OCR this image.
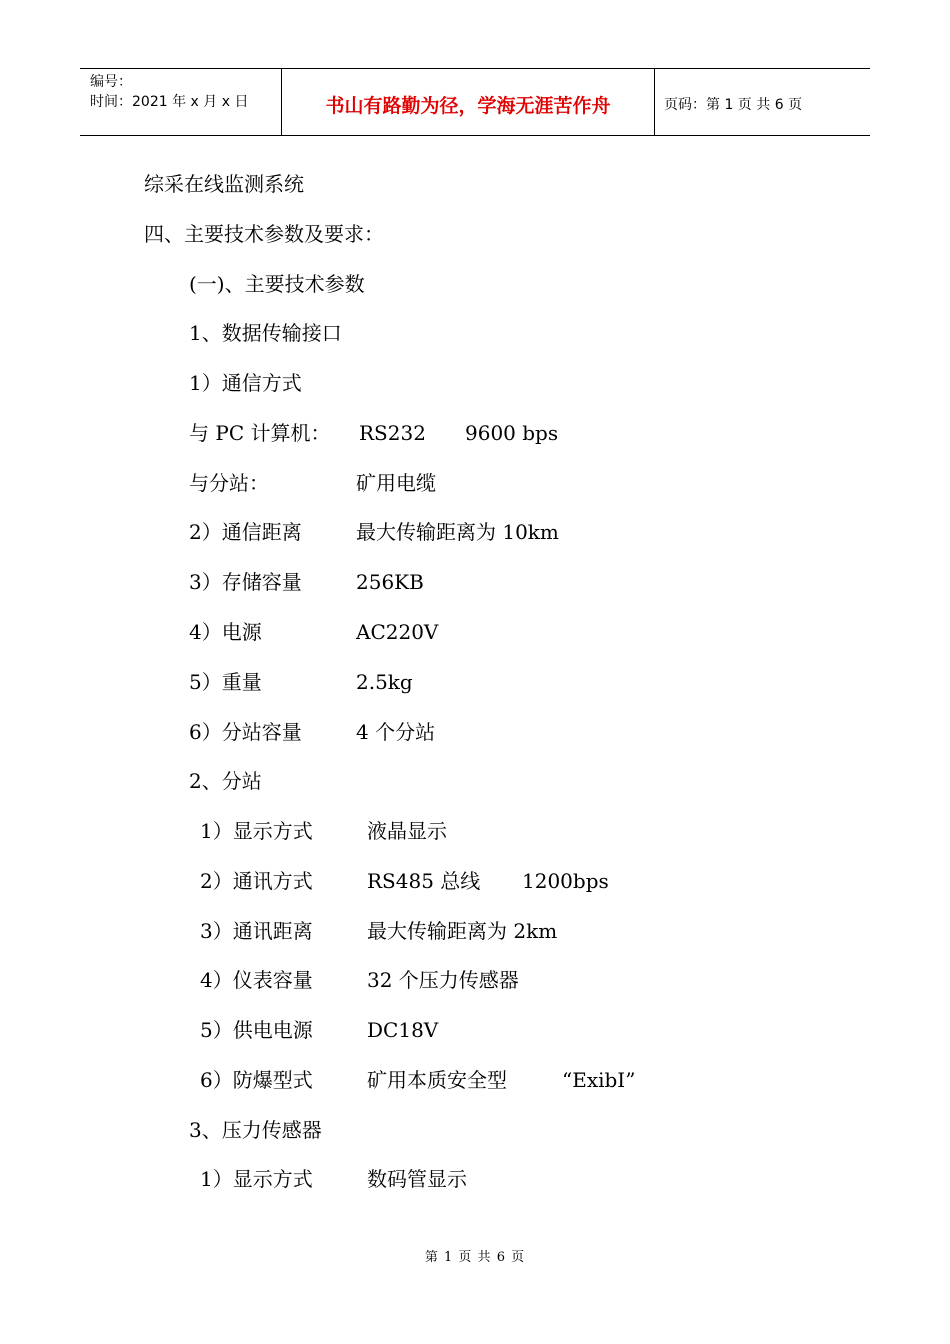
编号：
时间：2021 年 x 月 x 日	书山有路勤为径，学海无涯苦作舟	页码：第 1 页 共 6 页
综采在线监测系统
四、主要技术参数及要求：
(一)、主要技术参数
1、数据传输接口
1）通信方式
与 PC 计算机： RS232 9600 bps
与分站：	矿用电缆
2）通信距离	最大传输距离为 10km
3）存储容量	256KB
4）电源	AC220V
5）重量	2.5kg
6）分站容量	4 个分站
2、分站
1）显示方式	液晶显示
2）通讯方式	RS485 总线 1200bps
3）通讯距离	最大传输距离为 2km
4）仪表容量	32 个压力传感器
5）供电电源	DC18V
6）防爆型式	矿用本质安全型	“ExibI”
3、压力传感器
1）显示方式	数码管显示
第 1 页 共 6 页
